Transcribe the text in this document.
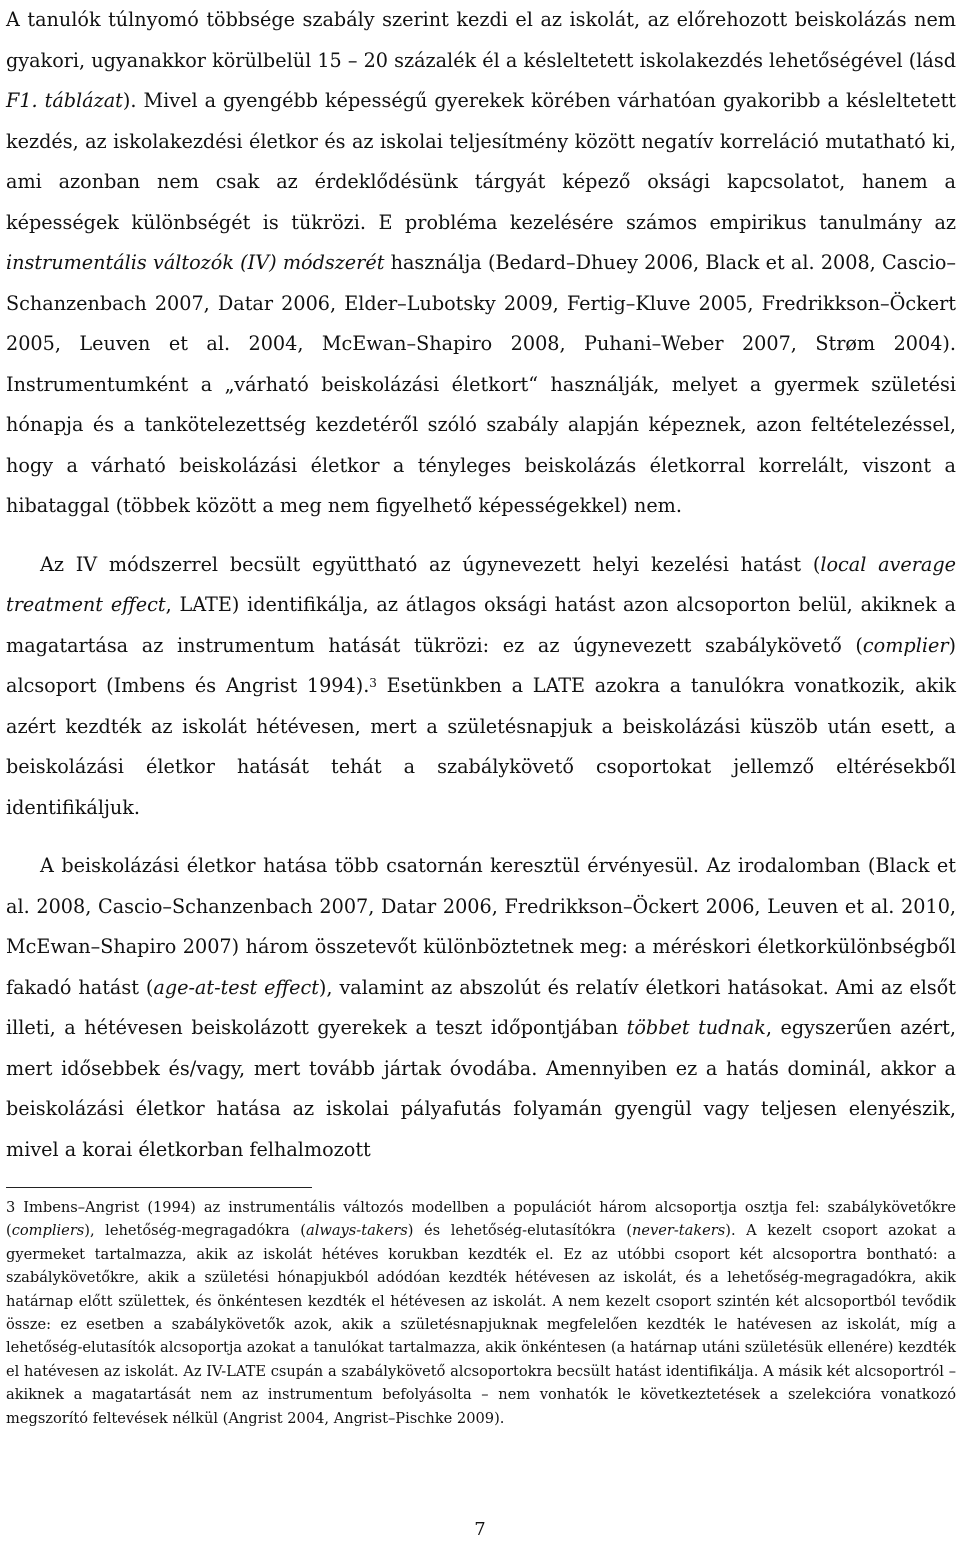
A tanulók túlnyomó többsége szabály szerint kezdi el az iskolát, az előrehozott beiskolázás nem gyakori, ugyanakkor körülbelül 15 – 20 százalék él a késleltetett iskolakezdés lehetőségével (lásd F1. táblázat). Mivel a gyengébb képességű gyerekek körében várhatóan gyakoribb a késleltetett kezdés, az iskolakezdési életkor és az iskolai teljesítmény között negatív korreláció mutatható ki, ami azonban nem csak az érdeklődésünk tárgyát képező oksági kapcsolatot, hanem a képességek különbségét is tükrözi. E probléma kezelésére számos empirikus tanulmány az instrumentális változók (IV) módszerét használja (Bedard–Dhuey 2006, Black et al. 2008, Cascio–Schanzenbach 2007, Datar 2006, Elder–Lubotsky 2009, Fertig–Kluve 2005, Fredrikkson–Öckert 2005, Leuven et al. 2004, McEwan–Shapiro 2008, Puhani–Weber 2007, Strøm 2004). Instrumentumként a „várható beiskolázási életkort“ használják, melyet a gyermek születési hónapja és a tankötelezettség kezdetéről szóló szabály alapján képeznek, azon feltételezéssel, hogy a várható beiskolázási életkor a tényleges beiskolázás életkorral korrelált, viszont a hibataggal (többek között a meg nem figyelhető képességekkel) nem.

Az IV módszerrel becsült együttható az úgynevezett helyi kezelési hatást (local average treatment effect, LATE) identifikálja, az átlagos oksági hatást azon alcsoporton belül, akiknek a magatartása az instrumentum hatását tükrözi: ez az úgynevezett szabálykövető (complier) alcsoport (Imbens és Angrist 1994).$^3$ Esetünkben a LATE azokra a tanulókra vonatkozik, akik azért kezdték az iskolát hétévesen, mert a születésnapjuk a beiskolázási küszöb után esett, a beiskolázási életkor hatását tehát a szabálykövető csoportokat jellemző eltérésekből identifikáljuk.

A beiskolázási életkor hatása több csatornán keresztül érvényesül. Az irodalomban (Black et al. 2008, Cascio–Schanzenbach 2007, Datar 2006, Fredrikkson–Öckert 2006, Leuven et al. 2010, McEwan–Shapiro 2007) három összetevőt különböztetnek meg: a méréskori életkorkülönbségből fakadó hatást (age-at-test effect), valamint az abszolút és relatív életkori hatásokat. Ami az elsőt illeti, a hétévesen beiskolázott gyerekek a teszt időpontjában többet tudnak, egyszerűen azért, mert idősebbek és/vagy, mert tovább jártak óvodába. Amennyiben ez a hatás dominál, akkor a beiskolázási életkor hatása az iskolai pályafutás folyamán gyengül vagy teljesen elenyészik, mivel a korai életkorban felhalmozott

3 Imbens–Angrist (1994) az instrumentális változós modellben a populációt három alcsoportja osztja fel: szabálykövetőkre (compliers), lehetőség-megragadókra (always-takers) és lehetőség-elutasítókra (never-takers). A kezelt csoport azokat a gyermeket tartalmazza, akik az iskolát hétéves korukban kezdték el. Ez az utóbbi csoport két alcsoportra bontható: a szabálykövetőkre, akik a születési hónapjukból adódóan kezdték hétévesen az iskolát, és a lehetőség-megragadókra, akik határnap előtt születtek, és önkéntesen kezdték el hétévesen az iskolát. A nem kezelt csoport szintén két alcsoportból tevődik össze: ez esetben a szabálykövetők azok, akik a születésnapjuknak megfelelően kezdték le hatévesen az iskolát, míg a lehetőség-elutasítók alcsoportja azokat a tanulókat tartalmazza, akik önkéntesen (a határnap utáni születésük ellenére) kezdték el hatévesen az iskolát. Az IV-LATE csupán a szabálykövető alcsoportokra becsült hatást identifikálja. A másik két alcsoportról – akiknek a magatartását nem az instrumentum befolyásolta – nem vonhatók le következtetések a szelekcióra vonatkozó megszorító feltevések nélkül (Angrist 2004, Angrist–Pischke 2009).

7
